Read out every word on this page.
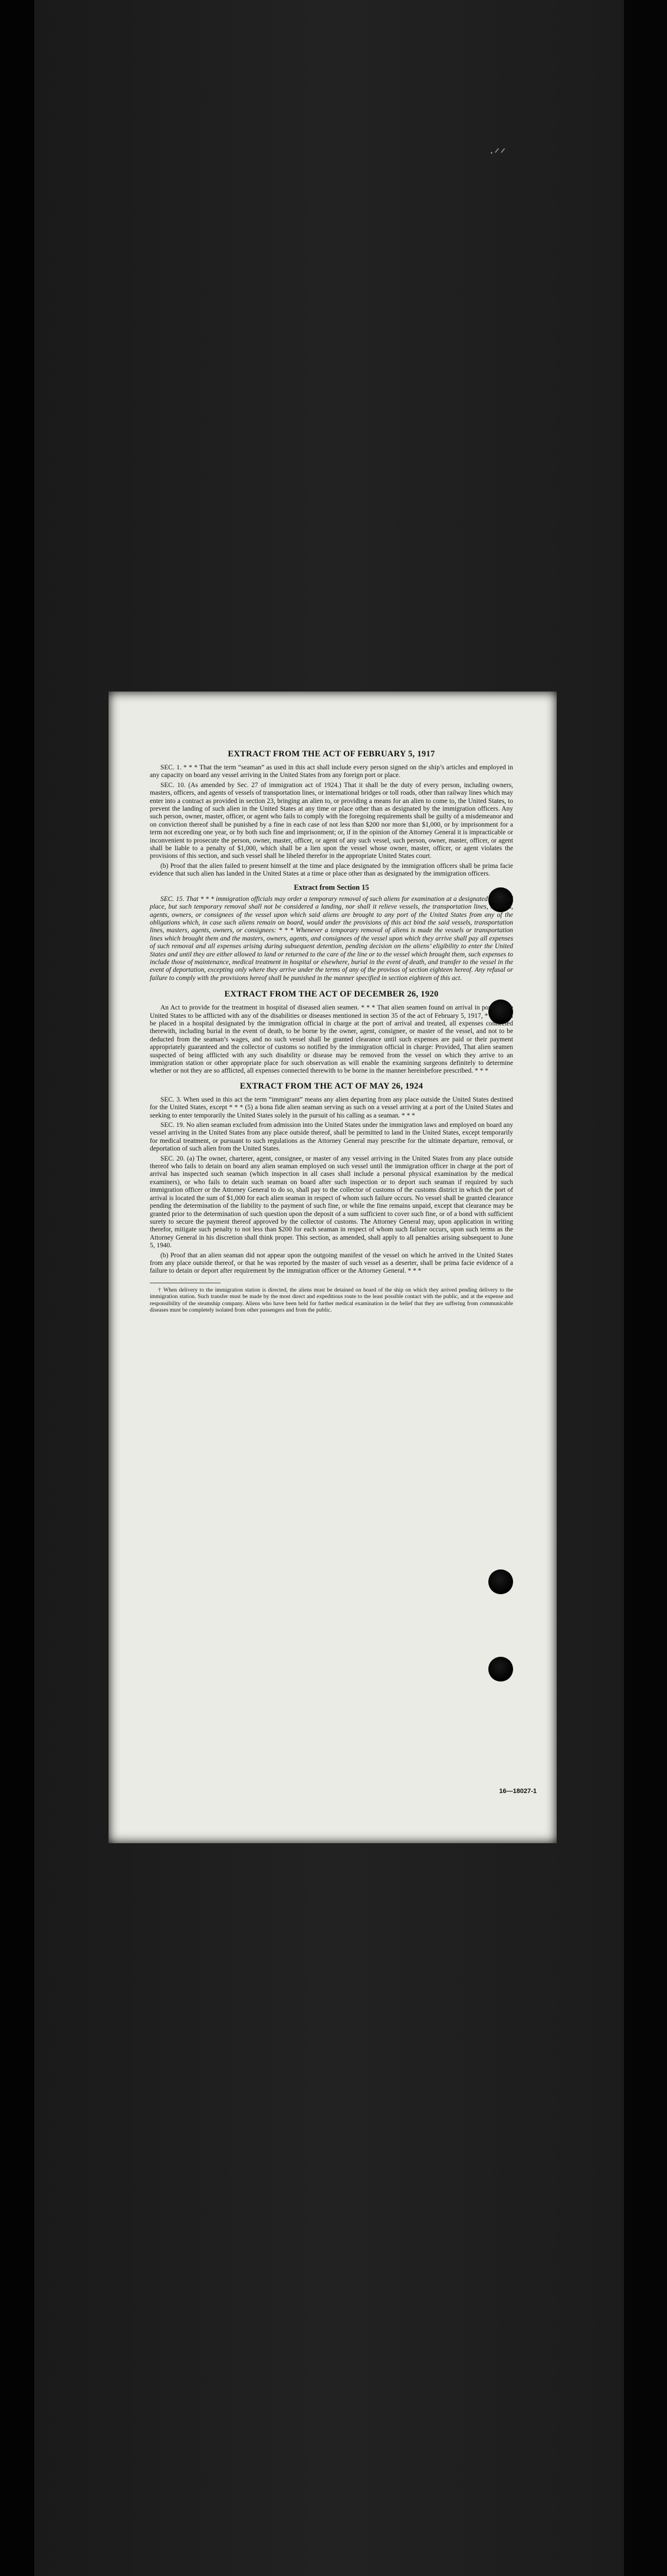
·ᐟᐟ
EXTRACT FROM THE ACT OF FEBRUARY 5, 1917

SEC. 1. * * * That the term “seaman” as used in this act shall include every person signed on the ship’s articles and employed in any capacity on board any vessel arriving in the United States from any foreign port or place.

SEC. 10. (As amended by Sec. 27 of immigration act of 1924.) That it shall be the duty of every person, including owners, masters, officers, and agents of vessels of transportation lines, or international bridges or toll roads, other than railway lines which may enter into a contract as provided in section 23, bringing an alien to, or providing a means for an alien to come to, the United States, to prevent the landing of such alien in the United States at any time or place other than as designated by the immigration officers. Any such person, owner, master, officer, or agent who fails to comply with the foregoing requirements shall be guilty of a misdemeanor and on conviction thereof shall be punished by a fine in each case of not less than $200 nor more than $1,000, or by imprisonment for a term not exceeding one year, or by both such fine and imprisonment; or, if in the opinion of the Attorney General it is impracticable or inconvenient to prosecute the person, owner, master, officer, or agent of any such vessel, such person, owner, master, officer, or agent shall be liable to a penalty of $1,000, which shall be a lien upon the vessel whose owner, master, officer, or agent violates the provisions of this section, and such vessel shall be libeled therefor in the appropriate United States court.

(b) Proof that the alien failed to present himself at the time and place designated by the immigration officers shall be prima facie evidence that such alien has landed in the United States at a time or place other than as designated by the immigration officers.

Extract from Section 15

SEC. 15. That * * * immigration officials may order a temporary removal of such aliens for examination at a designated time and place, but such temporary removal shall not be considered a landing, nor shall it relieve vessels, the transportation lines, masters, agents, owners, or consignees of the vessel upon which said aliens are brought to any port of the United States from any of the obligations which, in case such aliens remain on board, would under the provisions of this act bind the said vessels, transportation lines, masters, agents, owners, or consignees: * * * Whenever a temporary removal of aliens is made the vessels or transportation lines which brought them and the masters, owners, agents, and consignees of the vessel upon which they arrive shall pay all expenses of such removal and all expenses arising during subsequent detention, pending decision on the aliens’ eligibility to enter the United States and until they are either allowed to land or returned to the care of the line or to the vessel which brought them, such expenses to include those of maintenance, medical treatment in hospital or elsewhere, burial in the event of death, and transfer to the vessel in the event of deportation, excepting only where they arrive under the terms of any of the provisos of section eighteen hereof. Any refusal or failure to comply with the provisions hereof shall be punished in the manner specified in section eighteen of this act.

EXTRACT FROM THE ACT OF DECEMBER 26, 1920

An Act to provide for the treatment in hospital of diseased alien seamen. * * * That alien seamen found on arrival in ports of the United States to be afflicted with any of the disabilities or diseases mentioned in section 35 of the act of February 5, 1917, * * * shall be placed in a hospital designated by the immigration official in charge at the port of arrival and treated, all expenses connected therewith, including burial in the event of death, to be borne by the owner, agent, consignee, or master of the vessel, and not to be deducted from the seaman’s wages, and no such vessel shall be granted clearance until such expenses are paid or their payment appropriately guaranteed and the collector of customs so notified by the immigration official in charge: Provided, That alien seamen suspected of being afflicted with any such disability or disease may be removed from the vessel on which they arrive to an immigration station or other appropriate place for such observation as will enable the examining surgeons definitely to determine whether or not they are so afflicted, all expenses connected therewith to be borne in the manner hereinbefore prescribed. * * *

EXTRACT FROM THE ACT OF MAY 26, 1924

SEC. 3. When used in this act the term “immigrant” means any alien departing from any place outside the United States destined for the United States, except * * * (5) a bona fide alien seaman serving as such on a vessel arriving at a port of the United States and seeking to enter temporarily the United States solely in the pursuit of his calling as a seaman. * * *

SEC. 19. No alien seaman excluded from admission into the United States under the immigration laws and employed on board any vessel arriving in the United States from any place outside thereof, shall be permitted to land in the United States, except temporarily for medical treatment, or pursuant to such regulations as the Attorney General may prescribe for the ultimate departure, removal, or deportation of such alien from the United States.

SEC. 20. (a) The owner, charterer, agent, consignee, or master of any vessel arriving in the United States from any place outside thereof who fails to detain on board any alien seaman employed on such vessel until the immigration officer in charge at the port of arrival has inspected such seaman (which inspection in all cases shall include a personal physical examination by the medical examiners), or who fails to detain such seaman on board after such inspection or to deport such seaman if required by such immigration officer or the Attorney General to do so, shall pay to the collector of customs of the customs district in which the port of arrival is located the sum of $1,000 for each alien seaman in respect of whom such failure occurs. No vessel shall be granted clearance pending the determination of the liability to the payment of such fine, or while the fine remains unpaid, except that clearance may be granted prior to the determination of such question upon the deposit of a sum sufficient to cover such fine, or of a bond with sufficient surety to secure the payment thereof approved by the collector of customs. The Attorney General may, upon application in writing therefor, mitigate such penalty to not less than $200 for each seaman in respect of whom such failure occurs, upon such terms as the Attorney General in his discretion shall think proper. This section, as amended, shall apply to all penalties arising subsequent to June 5, 1940.

(b) Proof that an alien seaman did not appear upon the outgoing manifest of the vessel on which he arrived in the United States from any place outside thereof, or that he was reported by the master of such vessel as a deserter, shall be prima facie evidence of a failure to detain or deport after requirement by the immigration officer or the Attorney General. * * *

† When delivery to the immigration station is directed, the aliens must be detained on board of the ship on which they arrived pending delivery to the immigration station. Such transfer must be made by the most direct and expeditious route to the least possible contact with the public, and at the expense and responsibility of the steamship company. Aliens who have been held for further medical examination in the belief that they are suffering from communicable diseases must be completely isolated from other passengers and from the public.

16—18027-1
